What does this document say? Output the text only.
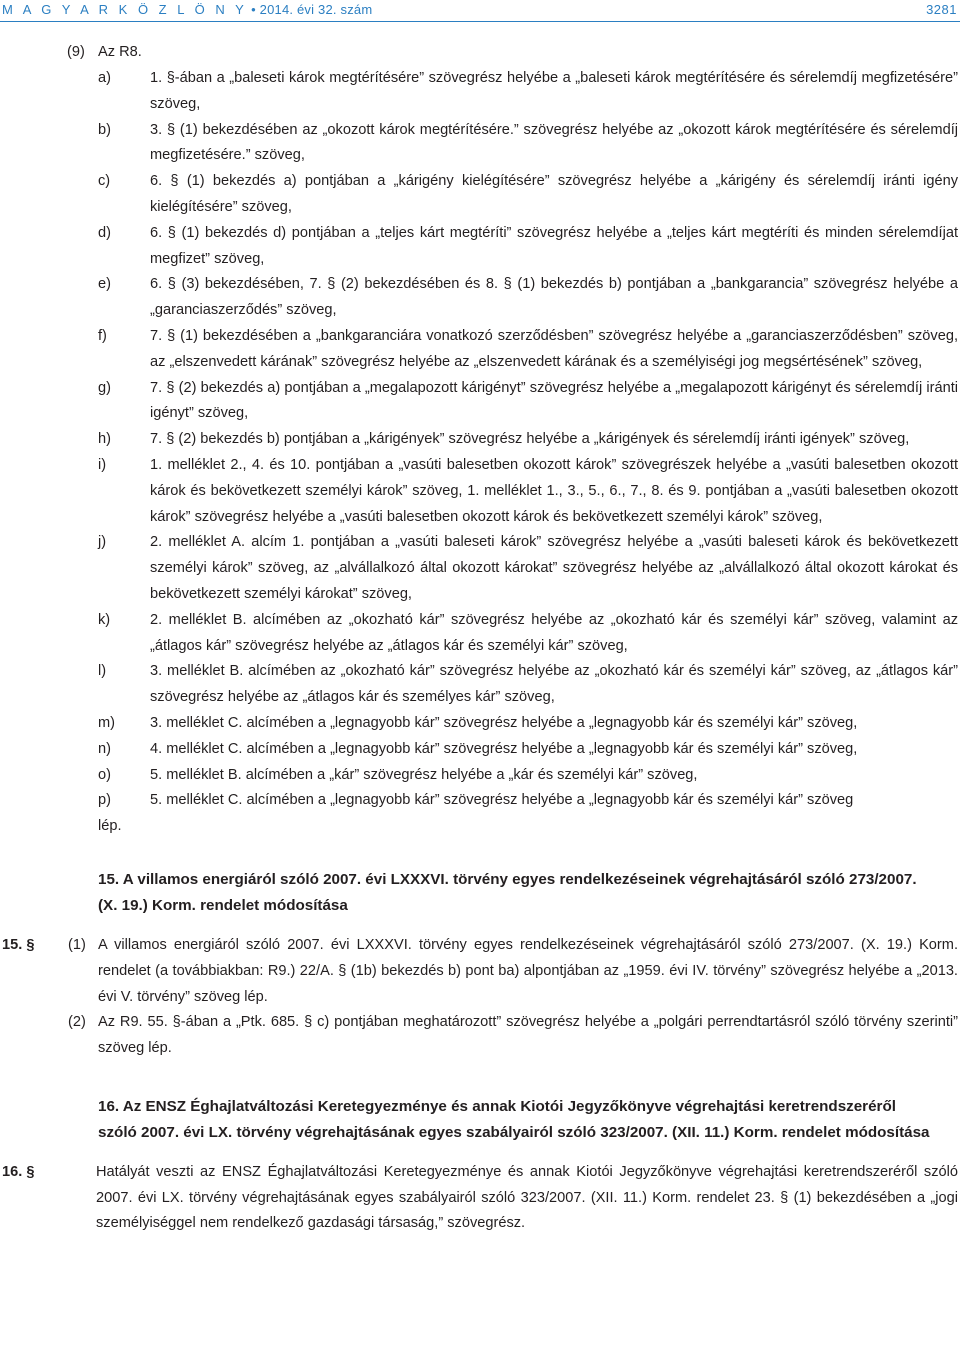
M A G Y A R K Ö Z L Ö N Y • 2014. évi 32. szám	3281
(9) Az R8.
a)	1. §-ában a „baleseti károk megtérítésére” szövegrész helyébe a „baleseti károk megtérítésére és sérelemdíj megfizetésére” szöveg,
b)	3. § (1) bekezdésében az „okozott károk megtérítésére.” szövegrész helyébe az „okozott károk megtérítésére és sérelemdíj megfizetésére.” szöveg,
c)	6. § (1) bekezdés a) pontjában a „kárigény kielégítésére” szövegrész helyébe a „kárigény és sérelemdíj iránti igény kielégítésére” szöveg,
d)	6. § (1) bekezdés d) pontjában a „teljes kárt megtéríti” szövegrész helyébe a „teljes kárt megtéríti és minden sérelemdíjat megfizet” szöveg,
e)	6. § (3) bekezdésében, 7. § (2) bekezdésében és 8. § (1) bekezdés b) pontjában a „bankgarancia” szövegrész helyébe a „garanciaszerződés” szöveg,
f)	7. § (1) bekezdésében a „bankgaranciára vonatkozó szerződésben” szövegrész helyébe a „garanciaszerződésben” szöveg, az „elszenvedett kárának” szövegrész helyébe az „elszenvedett kárának és a személyiségi jog megsértésének” szöveg,
g)	7. § (2) bekezdés a) pontjában a „megalapozott kárigényt” szövegrész helyébe a „megalapozott kárigényt és sérelemdíj iránti igényt” szöveg,
h)	7. § (2) bekezdés b) pontjában a „kárigények” szövegrész helyébe a „kárigények és sérelemdíj iránti igények” szöveg,
i)	1. melléklet 2., 4. és 10. pontjában a „vasúti balesetben okozott károk” szövegrészek helyébe a „vasúti balesetben okozott károk és bekövetkezett személyi károk” szöveg, 1. melléklet 1., 3., 5., 6., 7., 8. és 9. pontjában a „vasúti balesetben okozott károk” szövegrész helyébe a „vasúti balesetben okozott károk és bekövetkezett személyi károk” szöveg,
j)	2. melléklet A. alcím 1. pontjában a „vasúti baleseti károk” szövegrész helyébe a „vasúti baleseti károk és bekövetkezett személyi károk” szöveg, az „alvállalkozó által okozott károkat” szövegrész helyébe az „alvállalkozó által okozott károkat és bekövetkezett személyi károkat” szöveg,
k)	2. melléklet B. alcímében az „okozható kár” szövegrész helyébe az „okozható kár és személyi kár” szöveg, valamint az „átlagos kár” szövegrész helyébe az „átlagos kár és személyi kár” szöveg,
l)	3. melléklet B. alcímében az „okozható kár” szövegrész helyébe az „okozható kár és személyi kár” szöveg, az „átlagos kár” szövegrész helyébe az „átlagos kár és személyes kár” szöveg,
m)	3. melléklet C. alcímében a „legnagyobb kár” szövegrész helyébe a „legnagyobb kár és személyi kár” szöveg,
n)	4. melléklet C. alcímében a „legnagyobb kár” szövegrész helyébe a „legnagyobb kár és személyi kár” szöveg,
o)	5. melléklet B. alcímében a „kár” szövegrész helyébe a „kár és személyi kár” szöveg,
p)	5. melléklet C. alcímében a „legnagyobb kár” szövegrész helyébe a „legnagyobb kár és személyi kár” szöveg
lép.
15. A villamos energiáról szóló 2007. évi LXXXVI. törvény egyes rendelkezéseinek végrehajtásáról szóló 273/2007. (X. 19.) Korm. rendelet módosítása
15. §	(1) A villamos energiáról szóló 2007. évi LXXXVI. törvény egyes rendelkezéseinek végrehajtásáról szóló 273/2007. (X. 19.) Korm. rendelet (a továbbiakban: R9.) 22/A. § (1b) bekezdés b) pont ba) alpontjában az „1959. évi IV. törvény” szövegrész helyébe a „2013. évi V. törvény” szöveg lép.
(2) Az R9. 55. §-ában a „Ptk. 685. § c) pontjában meghatározott” szövegrész helyébe a „polgári perrendtartásról szóló törvény szerinti” szöveg lép.
16. Az ENSZ Éghajlatváltozási Keretegyezménye és annak Kiotói Jegyzőkönyve végrehajtási keretrendszeréről szóló 2007. évi LX. törvény végrehajtásának egyes szabályairól szóló 323/2007. (XII. 11.) Korm. rendelet módosítása
16. §	Hatályát veszti az ENSZ Éghajlatváltozási Keretegyezménye és annak Kiotói Jegyzőkönyve végrehajtási keretrendszeréről szóló 2007. évi LX. törvény végrehajtásának egyes szabályairól szóló 323/2007. (XII. 11.) Korm. rendelet 23. § (1) bekezdésében a „jogi személyiséggel nem rendelkező gazdasági társaság,” szövegrész.
